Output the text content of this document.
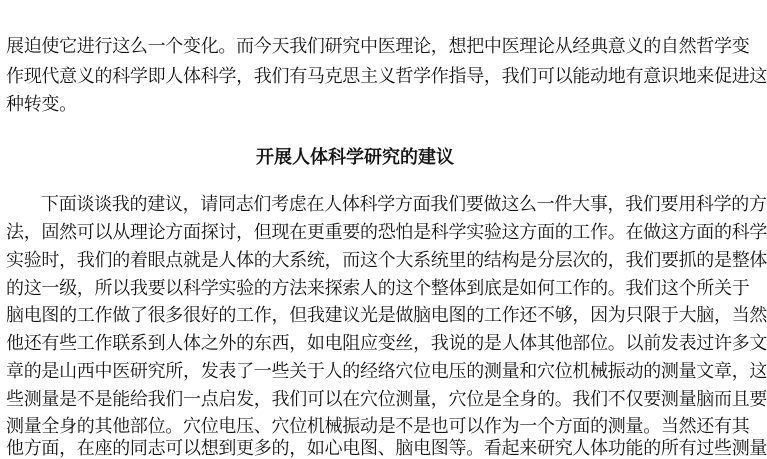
展迫使它进行这么一个变化。而今天我们研究中医理论，想把中医理论从经典意义的自然哲学变
作现代意义的科学即人体科学，我们有马克思主义哲学作指导，我们可以能动地有意识地来促进这
种转变。
开展人体科学研究的建议
下面谈谈我的建议，请同志们考虑在人体科学方面我们要做这么一件大事，我们要用科学的方
法，固然可以从理论方面探讨，但现在更重要的恐怕是科学实验这方面的工作。在做这方面的科学
实验时，我们的着眼点就是人体的大系统，而这个大系统里的结构是分层次的，我们要抓的是整体
的这一级，所以我要以科学实验的方法来探索人的这个整体到底是如何工作的。我们这个所关于
脑电图的工作做了很多很好的工作，但我建议光是做脑电图的工作还不够，因为只限于大脑，当然
他还有些工作联系到人体之外的东西，如电阻应变丝，我说的是人体其他部位。以前发表过许多文
章的是山西中医研究所，发表了一些关于人的经络穴位电压的测量和穴位机械振动的测量文章，这
些测量是不是能给我们一点启发，我们可以在穴位测量，穴位是全身的。我们不仅要测量脑而且要
测量全身的其他部位。穴位电压、穴位机械振动是不是也可以作为一个方面的测量。当然还有其
他方面，在座的同志可以想到更多的，如心电图、脑电图等。看起来研究人体功能的所有过些测量
